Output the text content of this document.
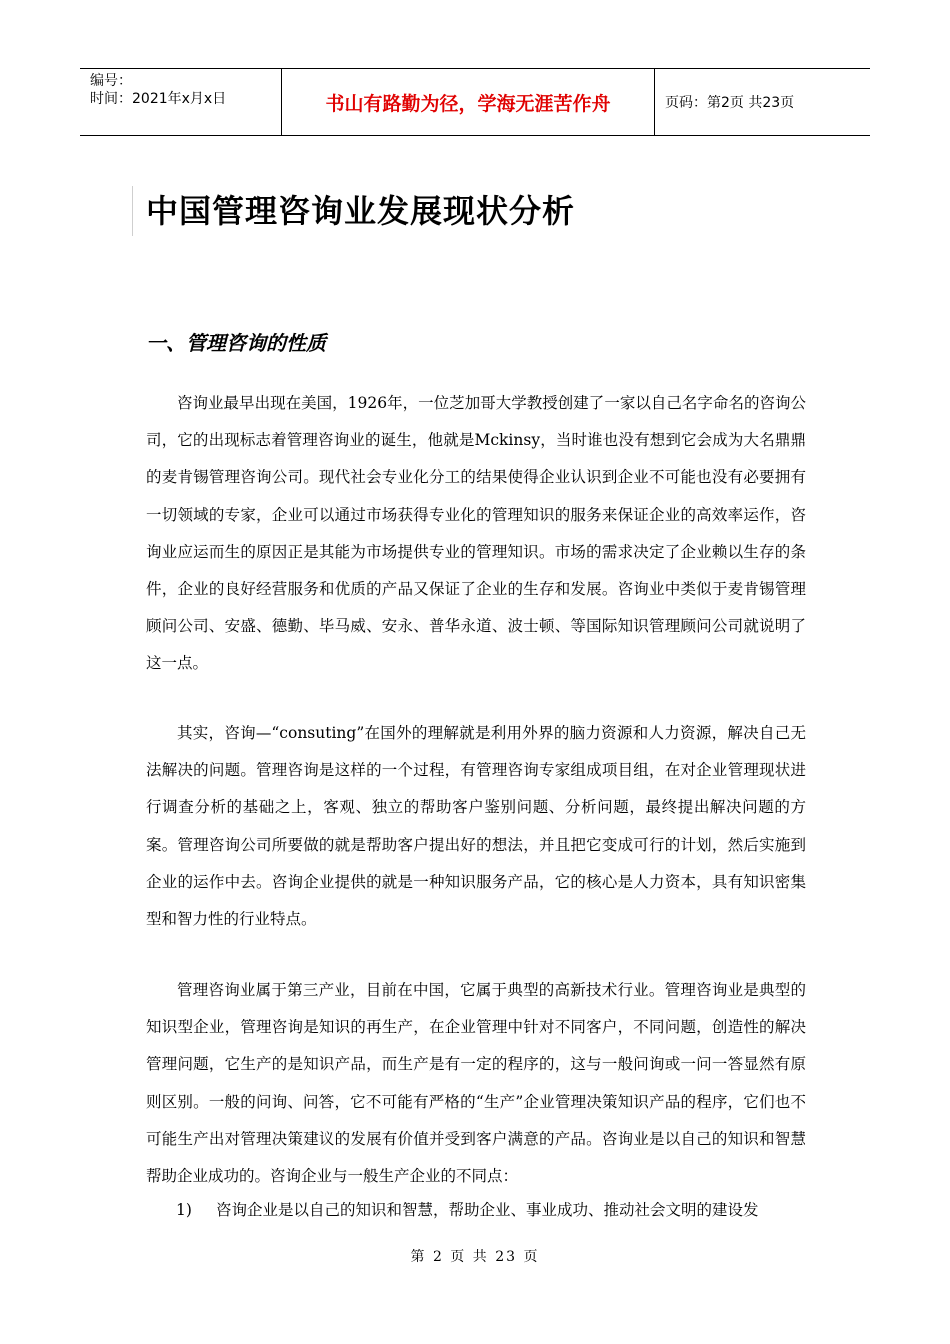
编号：
时间：2021年x月x日	书山有路勤为径，学海无涯苦作舟	页码：第2页 共23页
中国管理咨询业发展现状分析
一、管理咨询的性质

咨询业最早出现在美国，1926年，一位芝加哥大学教授创建了一家以自己名字命名的咨询公司，它的出现标志着管理咨询业的诞生，他就是Mckinsy，当时谁也没有想到它会成为大名鼎鼎的麦肯锡管理咨询公司。现代社会专业化分工的结果使得企业认识到企业不可能也没有必要拥有一切领域的专家，企业可以通过市场获得专业化的管理知识的服务来保证企业的高效率运作，咨询业应运而生的原因正是其能为市场提供专业的管理知识。市场的需求决定了企业赖以生存的条件，企业的良好经营服务和优质的产品又保证了企业的生存和发展。咨询业中类似于麦肯锡管理顾问公司、安盛、德勤、毕马威、安永、普华永道、波士顿、等国际知识管理顾问公司就说明了这一点。

其实，咨询—“consuting”在国外的理解就是利用外界的脑力资源和人力资源，解决自己无法解决的问题。管理咨询是这样的一个过程，有管理咨询专家组成项目组，在对企业管理现状进行调查分析的基础之上，客观、独立的帮助客户鉴别问题、分析问题，最终提出解决问题的方案。管理咨询公司所要做的就是帮助客户提出好的想法，并且把它变成可行的计划，然后实施到企业的运作中去。咨询企业提供的就是一种知识服务产品，它的核心是人力资本，具有知识密集型和智力性的行业特点。

管理咨询业属于第三产业，目前在中国，它属于典型的高新技术行业。管理咨询业是典型的知识型企业，管理咨询是知识的再生产，在企业管理中针对不同客户，不同问题，创造性的解决管理问题，它生产的是知识产品，而生产是有一定的程序的，这与一般问询或一问一答显然有原则区别。一般的问询、问答，它不可能有严格的“生产”企业管理决策知识产品的程序，它们也不可能生产出对管理决策建议的发展有价值并受到客户满意的产品。咨询业是以自己的知识和智慧帮助企业成功的。咨询企业与一般生产企业的不同点：

1)	咨询企业是以自己的知识和智慧，帮助企业、事业成功、推动社会文明的建设发
第 2 页 共 23 页
